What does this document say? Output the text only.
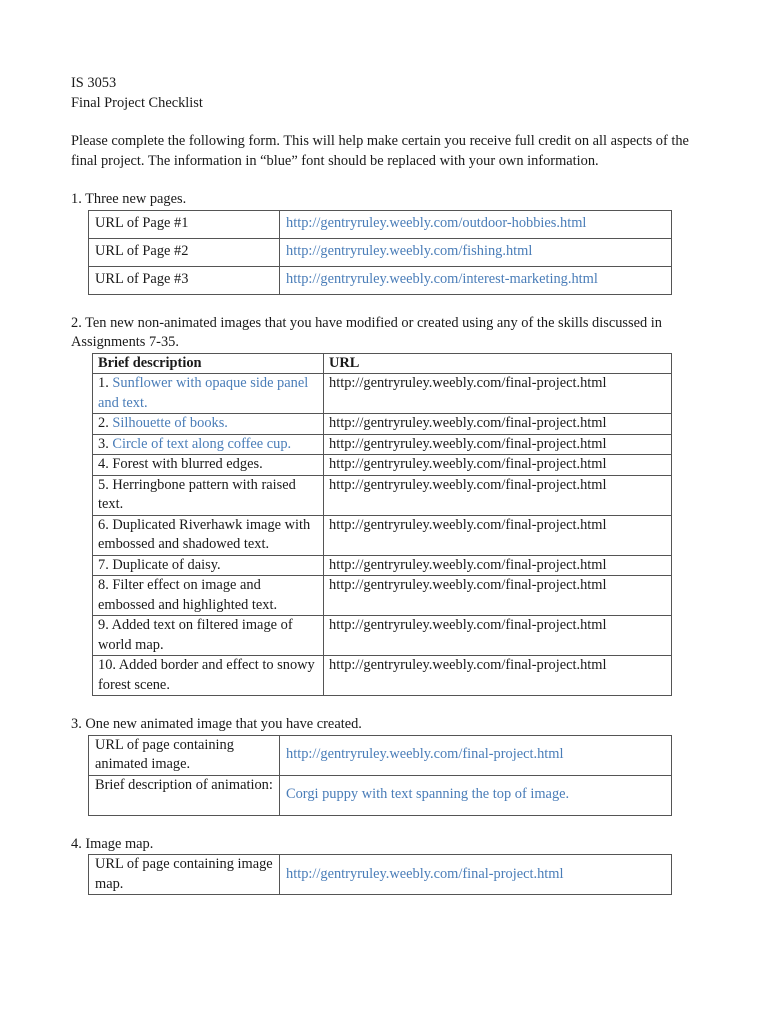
IS 3053
Final Project Checklist
Please complete the following form. This will help make certain you receive full credit on all aspects of the final project. The information in “blue” font should be replaced with your own information.
1. Three new pages.
URL of Page #1	http://gentryruley.weebly.com/outdoor-hobbies.html
URL of Page #2	http://gentryruley.weebly.com/fishing.html
URL of Page #3	http://gentryruley.weebly.com/interest-marketing.html
2. Ten new non-animated images that you have modified or created using any of the skills discussed in Assignments 7-35.
Brief description	URL
1. Sunflower with opaque side panel and text.	http://gentryruley.weebly.com/final-project.html
2. Silhouette of books.	http://gentryruley.weebly.com/final-project.html
3. Circle of text along coffee cup.	http://gentryruley.weebly.com/final-project.html
4. Forest with blurred edges.	http://gentryruley.weebly.com/final-project.html
5. Herringbone pattern with raised text.	http://gentryruley.weebly.com/final-project.html
6. Duplicated Riverhawk image with embossed and shadowed text.	http://gentryruley.weebly.com/final-project.html
7. Duplicate of daisy.	http://gentryruley.weebly.com/final-project.html
8. Filter effect on image and embossed and highlighted text.	http://gentryruley.weebly.com/final-project.html
9. Added text on filtered image of world map.	http://gentryruley.weebly.com/final-project.html
10. Added border and effect to snowy forest scene.	http://gentryruley.weebly.com/final-project.html
3. One new animated image that you have created.
URL of page containing animated image.	http://gentryruley.weebly.com/final-project.html
Brief description of animation:	Corgi puppy with text spanning the top of image.
4. Image map.
URL of page containing image map.	http://gentryruley.weebly.com/final-project.html
